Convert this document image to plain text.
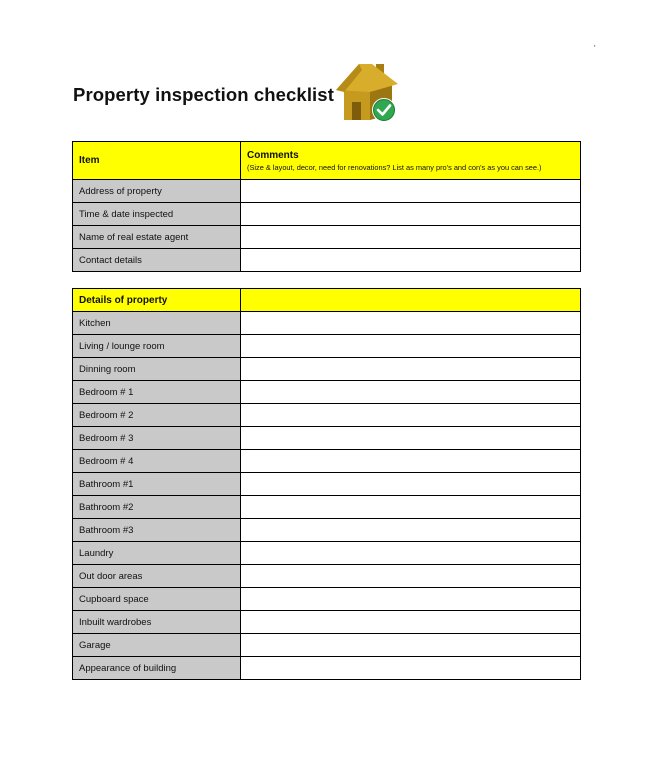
'
Property inspection checklist
Item	Comments
(Size & layout, decor, need for renovations? List as many pro's and con's as you can see.)

Address of property	
Time & date inspected	
Name of real estate agent	
Contact details	
Details of property	
Kitchen	
Living / lounge room	
Dinning room	
Bedroom # 1	
Bedroom # 2	
Bedroom # 3	
Bedroom # 4	
Bathroom #1	
Bathroom #2	
Bathroom #3	
Laundry	
Out door areas	
Cupboard space	
Inbuilt wardrobes	
Garage	
Appearance of building	
